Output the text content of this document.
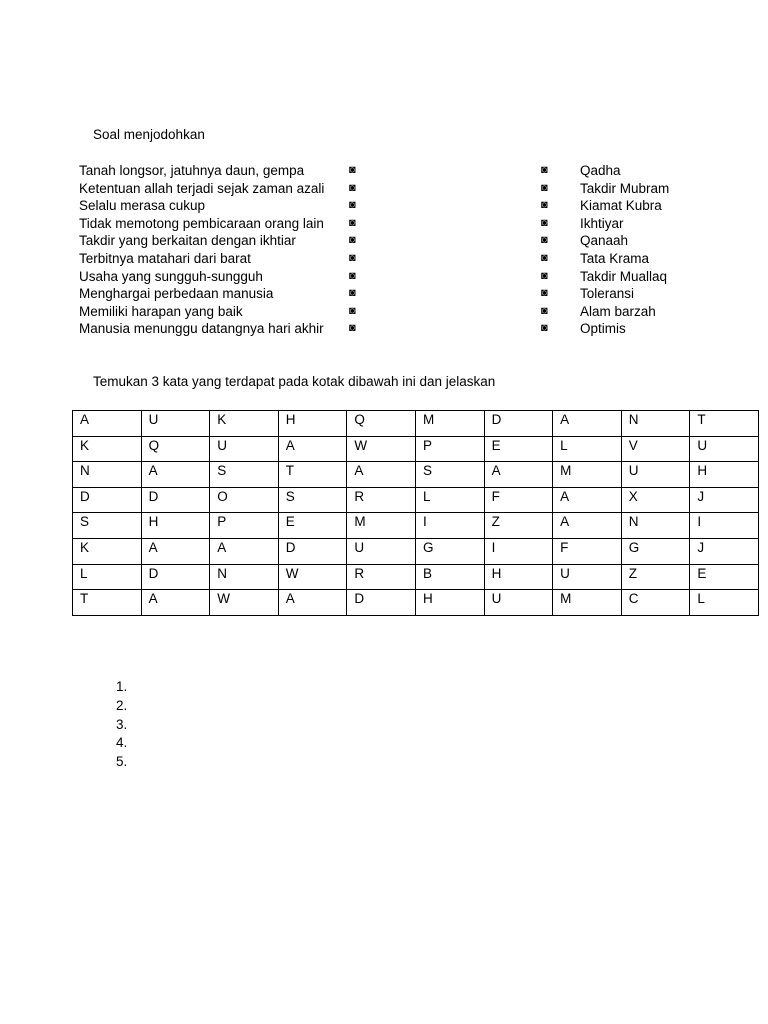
Soal menjodohkan
Tanah longsor, jatuhnya daun, gempa	◙	◙ Qadha
Ketentuan allah terjadi sejak zaman azali ◙	◙ Takdir Mubram
Selalu merasa cukup	◙	◙ Kiamat Kubra
Tidak memotong pembicaraan orang lain ◙	◙ Ikhtiyar
Takdir yang berkaitan dengan ikhtiar	◙	◙ Qanaah
Terbitnya matahari dari barat	◙	◙ Tata Krama
Usaha yang sungguh-sungguh	◙	◙ Takdir Muallaq
Menghargai perbedaan manusia	◙	◙ Toleransi
Memiliki harapan yang baik	◙	◙ Alam barzah
Manusia menunggu datangnya hari akhir ◙	◙ Optimis
Temukan 3 kata yang terdapat pada kotak dibawah ini dan jelaskan
A	U	K	H	Q	M	D	A	N	T
K	Q	U	A	W	P	E	L	V	U
N	A	S	T	A	S	A	M	U	H
D	D	O	S	R	L	F	A	X	J
S	H	P	E	M	I	Z	A	N	I
K	A	A	D	U	G	I	F	G	J
L	D	N	W	R	B	H	U	Z	E
T	A	W	A	D	H	U	M	C	L
1.
2.
3.
4.
5.
